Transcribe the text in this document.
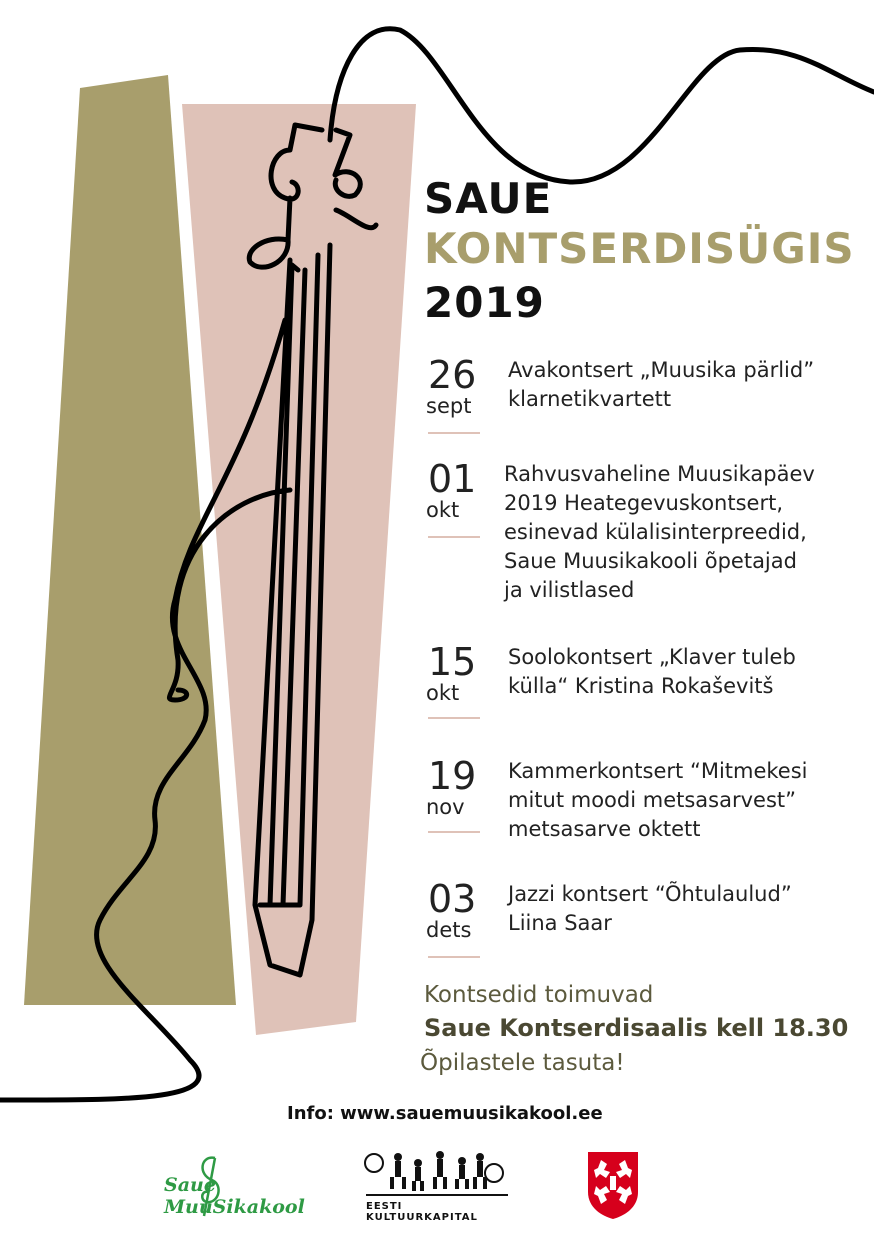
SAUE
KONTSERDISÜGIS
2019
26
sept
Avakontsert „Muusika pärlid”
klarnetikvartett
01
okt
Rahvusvaheline Muusikapäev
2019 Heategevuskontsert,
esinevad külalisinterpreedid,
Saue Muusikakooli õpetajad
ja vilistlased
15
okt
Soolokontsert „Klaver tuleb
külla“ Kristina Rokaševitš
19
nov
Kammerkontsert “Mitmekesi
mitut moodi metsasarvest”
metsasarve oktett
03
dets
Jazzi kontsert “Õhtulaulud”
Liina Saar
Kontsedid toimuvad
Saue Kontserdisaalis kell 18.30
Õpilastele tasuta!
Info: www.sauemuusikakool.ee
Saue MuuSikakool	EESTI KULTUURKAPITAL
